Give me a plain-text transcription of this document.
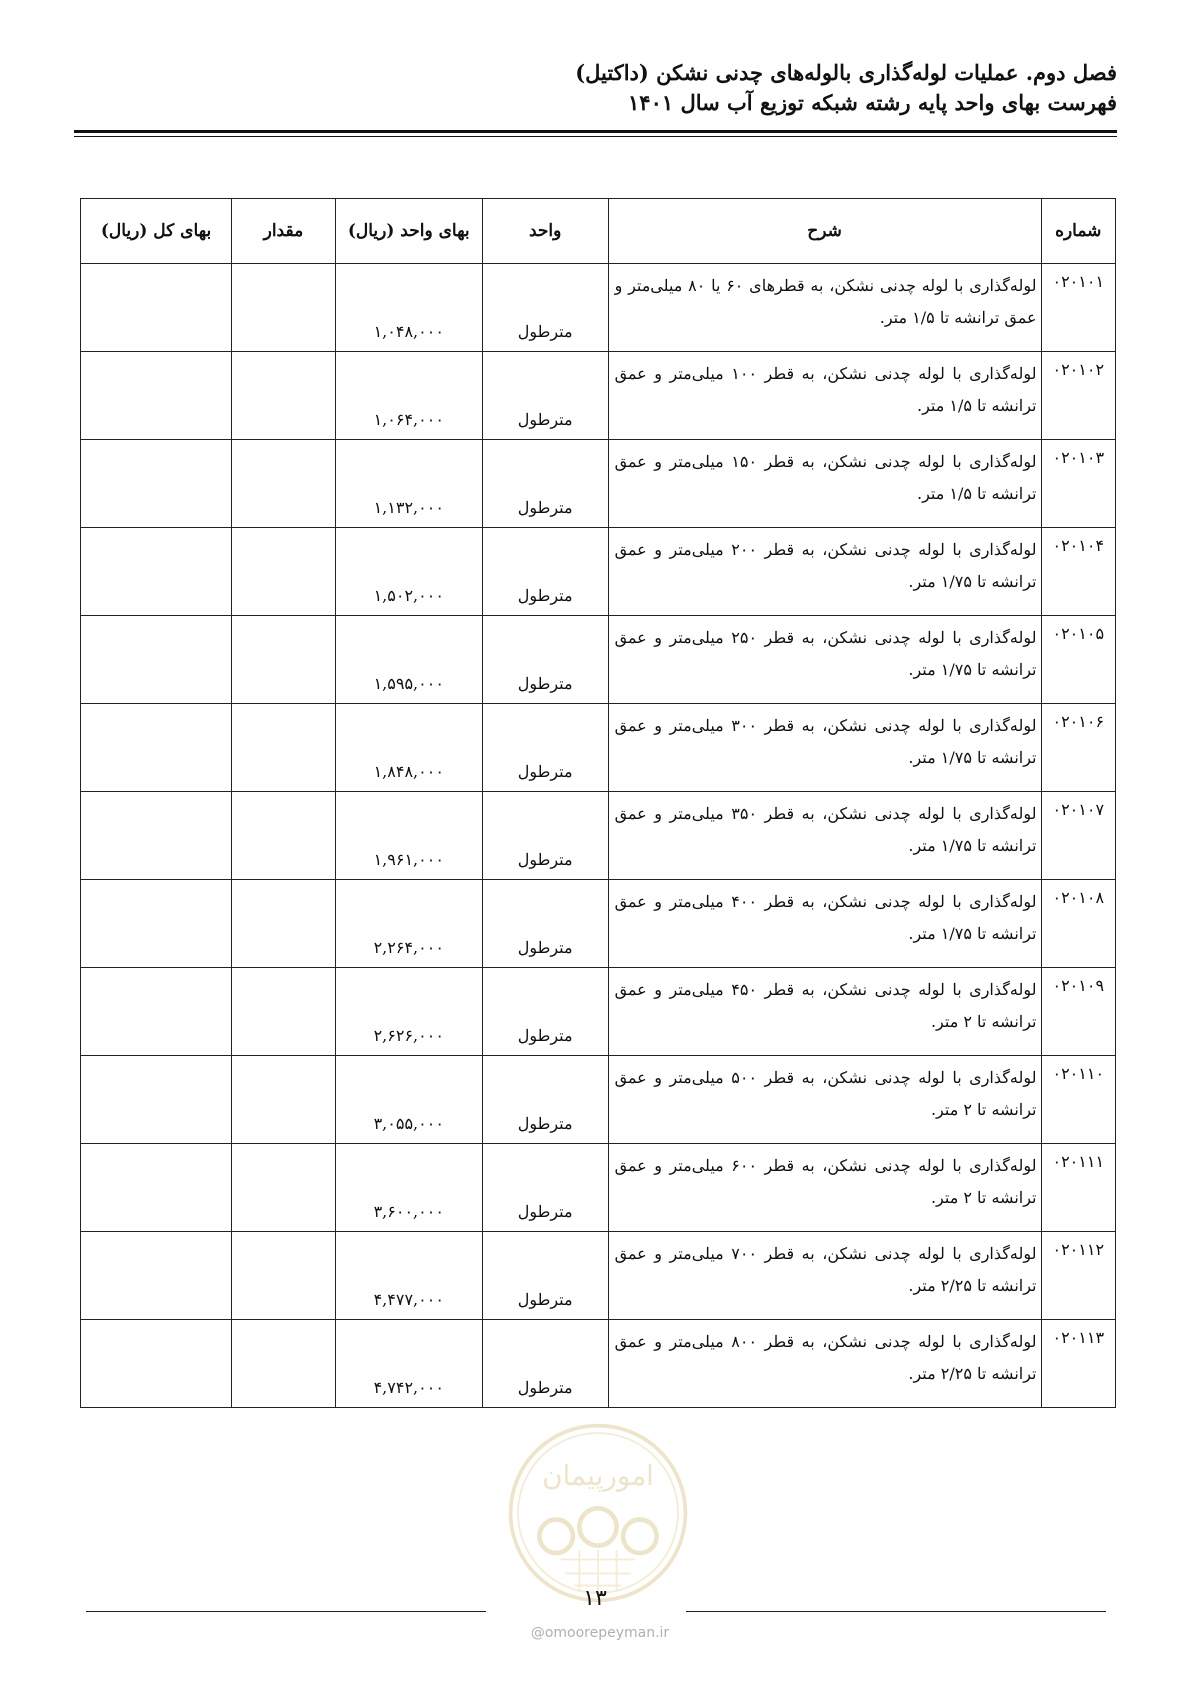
فصل دوم. عملیات لوله‌گذاری بالوله‌های چدنی نشکن (داکتیل)
فهرست بهای واحد پایه رشته شبکه توزیع آب سال ۱۴۰۱
شماره	شرح	واحد	بهای واحد (ریال)	مقدار	بهای کل (ریال)
۰۲۰۱۰۱	لوله‌گذاری با لوله چدنی نشکن، به قطرهای ۶۰ یا ۸۰ میلی‌متر و عمق ترانشه تا ۱/۵ متر.	مترطول	۱,۰۴۸,۰۰۰		
۰۲۰۱۰۲	لوله‌گذاری با لوله چدنی نشکن، به قطر ۱۰۰ میلی‌متر و عمق ترانشه تا ۱/۵ متر.	مترطول	۱,۰۶۴,۰۰۰		
۰۲۰۱۰۳	لوله‌گذاری با لوله چدنی نشکن، به قطر ۱۵۰ میلی‌متر و عمق ترانشه تا ۱/۵ متر.	مترطول	۱,۱۳۲,۰۰۰		
۰۲۰۱۰۴	لوله‌گذاری با لوله چدنی نشکن، به قطر ۲۰۰ میلی‌متر و عمق ترانشه تا ۱/۷۵ متر.	مترطول	۱,۵۰۲,۰۰۰		
۰۲۰۱۰۵	لوله‌گذاری با لوله چدنی نشکن، به قطر ۲۵۰ میلی‌متر و عمق ترانشه تا ۱/۷۵ متر.	مترطول	۱,۵۹۵,۰۰۰		
۰۲۰۱۰۶	لوله‌گذاری با لوله چدنی نشکن، به قطر ۳۰۰ میلی‌متر و عمق ترانشه تا ۱/۷۵ متر.	مترطول	۱,۸۴۸,۰۰۰		
۰۲۰۱۰۷	لوله‌گذاری با لوله چدنی نشکن، به قطر ۳۵۰ میلی‌متر و عمق ترانشه تا ۱/۷۵ متر.	مترطول	۱,۹۶۱,۰۰۰		
۰۲۰۱۰۸	لوله‌گذاری با لوله چدنی نشکن، به قطر ۴۰۰ میلی‌متر و عمق ترانشه تا ۱/۷۵ متر.	مترطول	۲,۲۶۴,۰۰۰		
۰۲۰۱۰۹	لوله‌گذاری با لوله چدنی نشکن، به قطر ۴۵۰ میلی‌متر و عمق ترانشه تا ۲ متر.	مترطول	۲,۶۲۶,۰۰۰		
۰۲۰۱۱۰	لوله‌گذاری با لوله چدنی نشکن، به قطر ۵۰۰ میلی‌متر و عمق ترانشه تا ۲ متر.	مترطول	۳,۰۵۵,۰۰۰		
۰۲۰۱۱۱	لوله‌گذاری با لوله چدنی نشکن، به قطر ۶۰۰ میلی‌متر و عمق ترانشه تا ۲ متر.	مترطول	۳,۶۰۰,۰۰۰		
۰۲۰۱۱۲	لوله‌گذاری با لوله چدنی نشکن، به قطر ۷۰۰ میلی‌متر و عمق ترانشه تا ۲/۲۵ متر.	مترطول	۴,۴۷۷,۰۰۰		
۰۲۰۱۱۳	لوله‌گذاری با لوله چدنی نشکن، به قطر ۸۰۰ میلی‌متر و عمق ترانشه تا ۲/۲۵ متر.	مترطول	۴,۷۴۲,۰۰۰		
امورپیمان
۱۳
@omoorepeyman.ir
